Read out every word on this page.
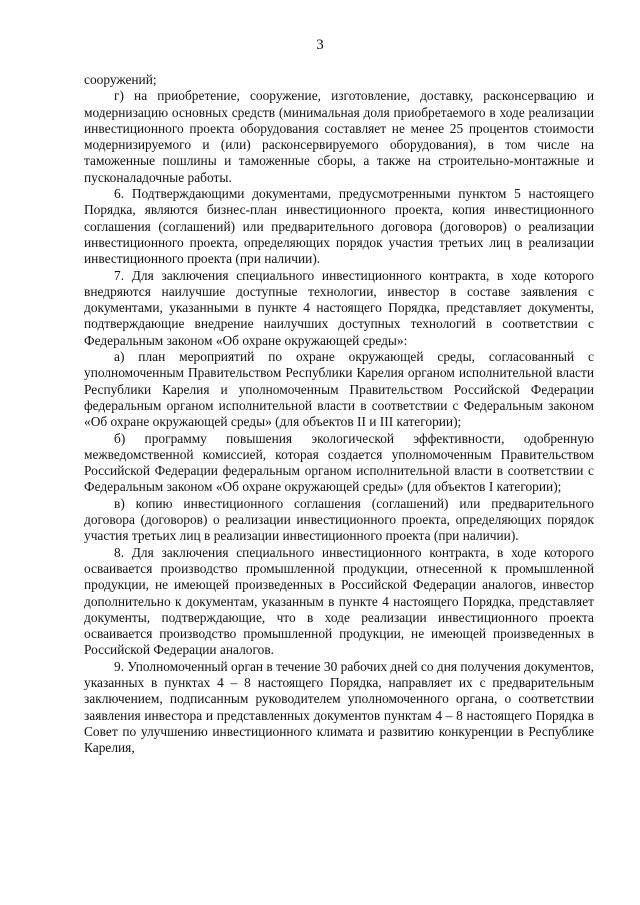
3

сооружений;

г) на приобретение, сооружение, изготовление, доставку, расконсервацию и модернизацию основных средств (минимальная доля приобретаемого в ходе реализации инвестиционного проекта оборудования составляет не менее 25 процентов стоимости модернизируемого и (или) расконсервируемого оборудования), в том числе на таможенные пошлины и таможенные сборы, а также на строительно-монтажные и пусконаладочные работы.

6. Подтверждающими документами, предусмотренными пунктом 5 настоящего Порядка, являются бизнес-план инвестиционного проекта, копия инвестиционного соглашения (соглашений) или предварительного договора (договоров) о реализации инвестиционного проекта, определяющих порядок участия третьих лиц в реализации инвестиционного проекта (при наличии).

7. Для заключения специального инвестиционного контракта, в ходе которого внедряются наилучшие доступные технологии, инвестор в составе заявления с документами, указанными в пункте 4 настоящего Порядка, представляет документы, подтверждающие внедрение наилучших доступных технологий в соответствии с Федеральным законом «Об охране окружающей среды»:

а) план мероприятий по охране окружающей среды, согласованный с уполномоченным Правительством Республики Карелия органом исполнительной власти Республики Карелия и уполномоченным Правительством Российской Федерации федеральным органом исполнительной власти в соответствии с Федеральным законом «Об охране окружающей среды» (для объектов II и III категории);

б) программу повышения экологической эффективности, одобренную межведомственной комиссией, которая создается уполномоченным Правительством Российской Федерации федеральным органом исполнительной власти в соответствии с Федеральным законом «Об охране окружающей среды» (для объектов I категории);

в) копию инвестиционного соглашения (соглашений) или предварительного договора (договоров) о реализации инвестиционного проекта, определяющих порядок участия третьих лиц в реализации инвестиционного проекта (при наличии).

8. Для заключения специального инвестиционного контракта, в ходе которого осваивается производство промышленной продукции, отнесенной к промышленной продукции, не имеющей произведенных в Российской Федерации аналогов, инвестор дополнительно к документам, указанным в пункте 4 настоящего Порядка, представляет документы, подтверждающие, что в ходе реализации инвестиционного проекта осваивается производство промышленной продукции, не имеющей произведенных в Российской Федерации аналогов.

9. Уполномоченный орган в течение 30 рабочих дней со дня получения документов, указанных в пунктах 4 – 8 настоящего Порядка, направляет их с предварительным заключением, подписанным руководителем уполномоченного органа, о соответствии заявления инвестора и представленных документов пунктам 4 – 8 настоящего Порядка в Совет по улучшению инвестиционного климата и развитию конкуренции в Республике Карелия,
